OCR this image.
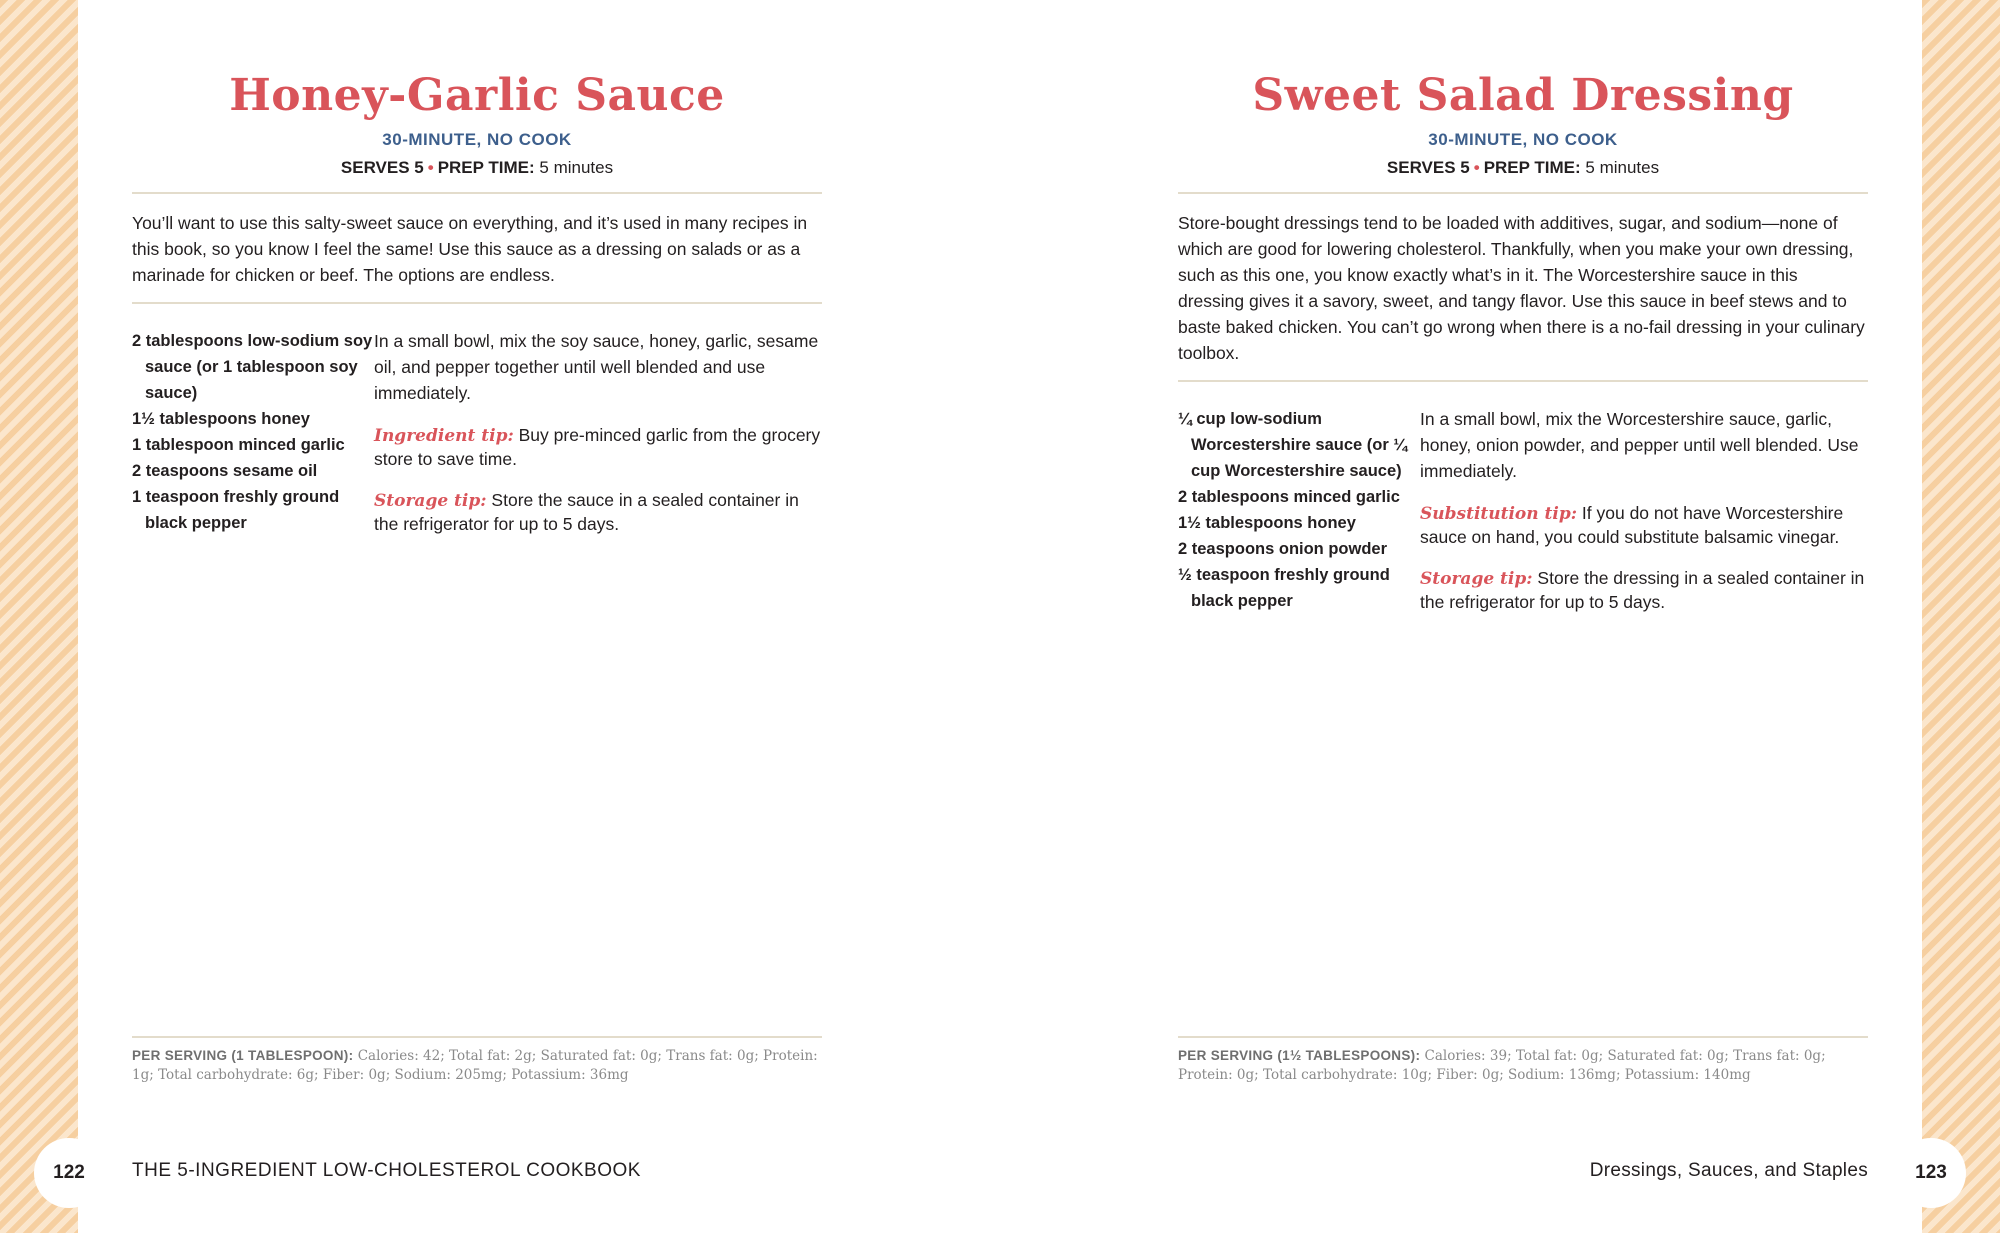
Honey-Garlic Sauce
30-MINUTE, NO COOK
SERVES 5 • PREP TIME: 5 minutes
You’ll want to use this salty-sweet sauce on everything, and it’s used in many recipes in this book, so you know I feel the same! Use this sauce as a dressing on salads or as a marinade for chicken or beef. The options are endless.
2 tablespoons low-sodium soy sauce (or 1 tablespoon soy sauce)
1½ tablespoons honey
1 tablespoon minced garlic
2 teaspoons sesame oil
1 teaspoon freshly ground black pepper

In a small bowl, mix the soy sauce, honey, garlic, sesame oil, and pepper together until well blended and use immediately.

Ingredient tip: Buy pre-minced garlic from the grocery store to save time.
Storage tip: Store the sauce in a sealed container in the refrigerator for up to 5 days.
PER SERVING (1 TABLESPOON): Calories: 42; Total fat: 2g; Saturated fat: 0g; Trans fat: 0g; Protein: 1g; Total carbohydrate: 6g; Fiber: 0g; Sodium: 205mg; Potassium: 36mg
Sweet Salad Dressing
30-MINUTE, NO COOK
SERVES 5 • PREP TIME: 5 minutes
Store-bought dressings tend to be loaded with additives, sugar, and sodium—none of which are good for lowering cholesterol. Thankfully, when you make your own dressing, such as this one, you know exactly what’s in it. The Worcestershire sauce in this dressing gives it a savory, sweet, and tangy flavor. Use this sauce in beef stews and to baste baked chicken. You can’t go wrong when there is a no-fail dressing in your culinary toolbox.
¼ cup low-sodium Worcestershire sauce (or ¼ cup Worcestershire sauce)
2 tablespoons minced garlic
1½ tablespoons honey
2 teaspoons onion powder
½ teaspoon freshly ground black pepper

In a small bowl, mix the Worcestershire sauce, garlic, honey, onion powder, and pepper until well blended. Use immediately.

Substitution tip: If you do not have Worcestershire sauce on hand, you could substitute balsamic vinegar.
Storage tip: Store the dressing in a sealed container in the refrigerator for up to 5 days.
PER SERVING (1½ TABLESPOONS): Calories: 39; Total fat: 0g; Saturated fat: 0g; Trans fat: 0g; Protein: 0g; Total carbohydrate: 10g; Fiber: 0g; Sodium: 136mg; Potassium: 140mg
122	THE 5-INGREDIENT LOW-CHOLESTEROL COOKBOOK	Dressings, Sauces, and Staples	123
